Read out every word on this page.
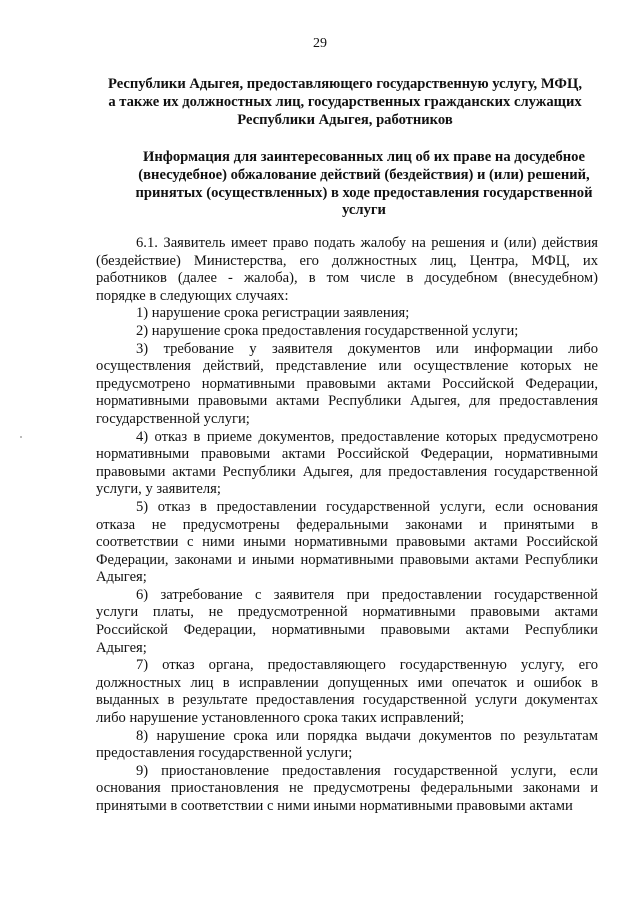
29
Республики Адыгея, предоставляющего государственную услугу, МФЦ,
а также их должностных лиц, государственных гражданских служащих
Республики Адыгея, работников
Информация для заинтересованных лиц об их праве на досудебное
(внесудебное) обжалование действий (бездействия) и (или) решений,
принятых (осуществленных) в ходе предоставления государственной
услуги
6.1. Заявитель имеет право подать жалобу на решения и (или) действия
(бездействие) Министерства, его должностных лиц, Центра, МФЦ, их
работников (далее - жалоба), в том числе в досудебном (внесудебном)
порядке в следующих случаях:
1) нарушение срока регистрации заявления;
2) нарушение срока предоставления государственной услуги;
3) требование у заявителя документов или информации либо
осуществления действий, представление или осуществление которых не
предусмотрено нормативными правовыми актами Российской Федерации,
нормативными правовыми актами Республики Адыгея, для предоставления
государственной услуги;
4) отказ в приеме документов, предоставление которых предусмотрено
нормативными правовыми актами Российской Федерации, нормативными
правовыми актами Республики Адыгея, для предоставления государственной
услуги, у заявителя;
5) отказ в предоставлении государственной услуги, если основания
отказа не предусмотрены федеральными законами и принятыми в
соответствии с ними иными нормативными правовыми актами Российской
Федерации, законами и иными нормативными правовыми актами Республики
Адыгея;
6) затребование с заявителя при предоставлении государственной
услуги платы, не предусмотренной нормативными правовыми актами
Российской Федерации, нормативными правовыми актами Республики
Адыгея;
7) отказ органа, предоставляющего государственную услугу, его
должностных лиц в исправлении допущенных ими опечаток и ошибок в
выданных в результате предоставления государственной услуги документах
либо нарушение установленного срока таких исправлений;
8) нарушение срока или порядка выдачи документов по результатам
предоставления государственной услуги;
9) приостановление предоставления государственной услуги, если
основания приостановления не предусмотрены федеральными законами и
принятыми в соответствии с ними иными нормативными правовыми актами
